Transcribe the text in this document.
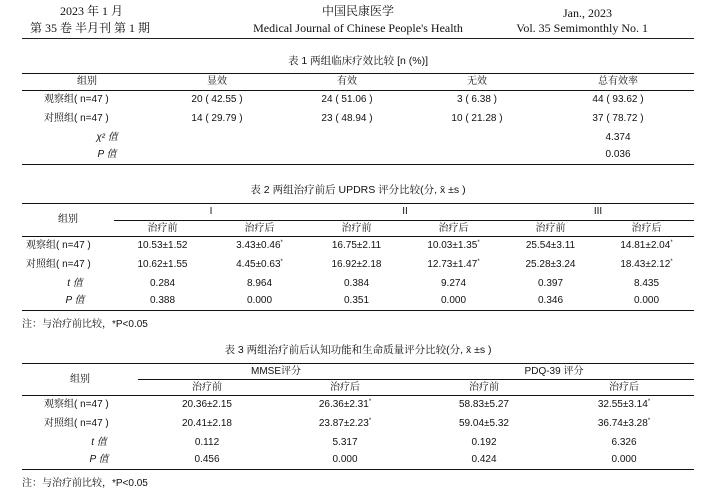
2023 年 1 月
第 35 卷 半月刊 第 1 期
中国民康医学
Medical Journal of Chinese People's Health
Jan., 2023
Vol. 35 Semimonthly No. 1
表 1 两组临床疗效比较 [n (%)]
组别	显效	有效	无效	总有效率
观察组( n=47 )	20 ( 42.55 )	24 ( 51.06 )	3 ( 6.38 )	44 ( 93.62 )
对照组( n=47 )	14 ( 29.79 )	23 ( 48.94 )	10 ( 21.28 )	37 ( 78.72 )
χ² 值				4.374
P 值				0.036
表 2 两组治疗前后 UPDRS 评分比较(分, x̄ ±s )
组别	I		II		III	
	治疗前	治疗后	治疗前	治疗后	治疗前	治疗后
观察组( n=47 )	10.53±1.52	3.43±0.46*	16.75±2.11	10.03±1.35*	25.54±3.11	14.81±2.04*
对照组( n=47 )	10.62±1.55	4.45±0.63*	16.92±2.18	12.73±1.47*	25.28±3.24	18.43±2.12*
t 值	0.284	8.964	0.384	9.274	0.397	8.435
P 值	0.388	0.000	0.351	0.000	0.346	0.000
注：与治疗前比较，*P<0.05
表 3 两组治疗前后认知功能和生命质量评分比较(分, x̄ ±s )
组别	MMSE评分		PDQ-39 评分	
	治疗前	治疗后	治疗前	治疗后
观察组( n=47 )	20.36±2.15	26.36±2.31*	58.83±5.27	32.55±3.14*
对照组( n=47 )	20.41±2.18	23.87±2.23*	59.04±5.32	36.74±3.28*
t 值	0.112	5.317	0.192	6.326
P 值	0.456	0.000	0.424	0.000
注：与治疗前比较，*P<0.05
